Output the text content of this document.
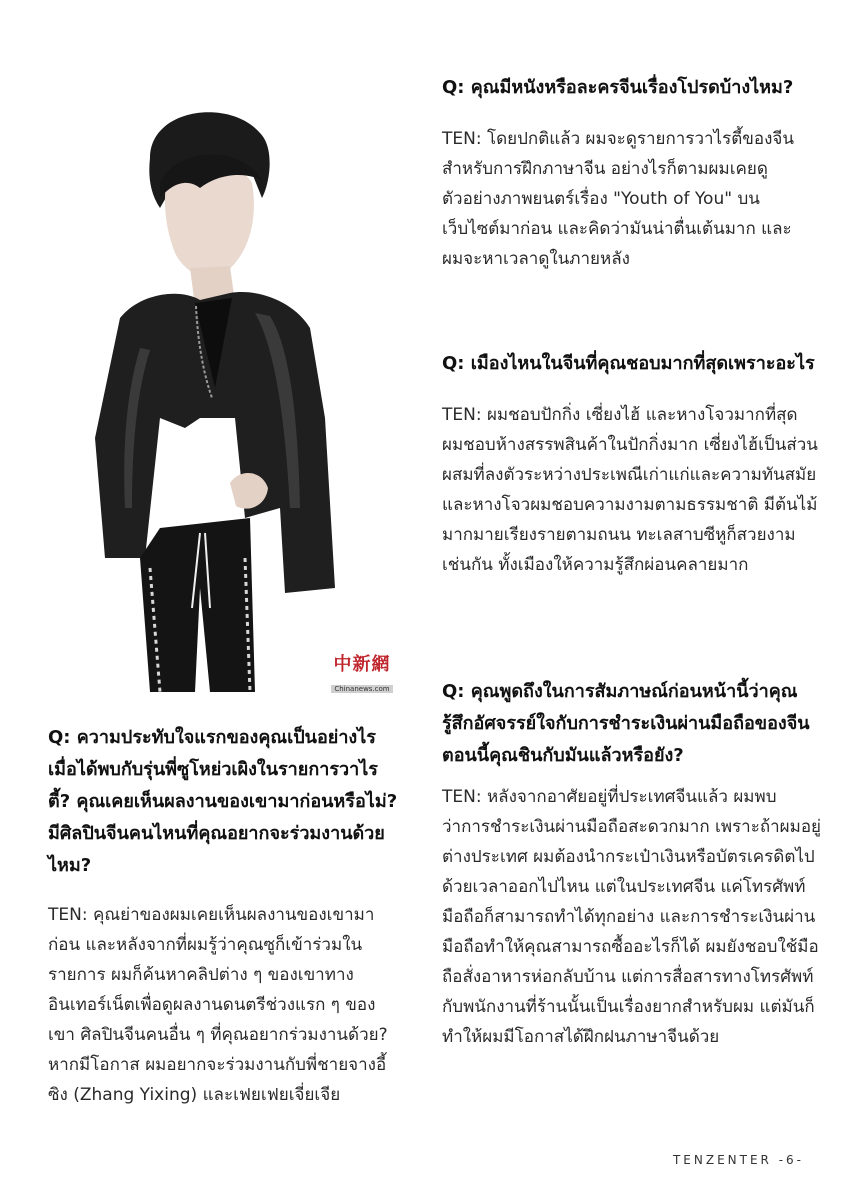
中新網
Chinanews.com

Q: คุณมีหนังหรือละครจีนเรื่องโปรดบ้างไหม?

TEN: โดยปกติแล้ว ผมจะดูรายการวาไรตี้ของจีนสำหรับการฝึกภาษาจีน อย่างไรก็ตามผมเคยดูตัวอย่างภาพยนตร์เรื่อง "Youth of You" บนเว็บไซต์มาก่อน และคิดว่ามันน่าตื่นเต้นมาก และผมจะหาเวลาดูในภายหลัง

Q: เมืองไหนในจีนที่คุณชอบมากที่สุดเพราะอะไร

TEN: ผมชอบปักกิ่ง เซี่ยงไฮ้ และหางโจวมากที่สุด ผมชอบห้างสรรพสินค้าในปักกิ่งมาก เซี่ยงไฮ้เป็นส่วนผสมที่ลงตัวระหว่างประเพณีเก่าแก่และความทันสมัย และหางโจวผมชอบความงามตามธรรมชาติ มีต้นไม้มากมายเรียงรายตามถนน ทะเลสาบซีหูก็สวยงามเช่นกัน ทั้งเมืองให้ความรู้สึกผ่อนคลายมาก

Q: คุณพูดถึงในการสัมภาษณ์ก่อนหน้านี้ว่าคุณรู้สึกอัศจรรย์ใจกับการชำระเงินผ่านมือถือของจีน ตอนนี้คุณชินกับมันแล้วหรือยัง?

TEN: หลังจากอาศัยอยู่ที่ประเทศจีนแล้ว ผมพบว่าการชำระเงินผ่านมือถือสะดวกมาก เพราะถ้าผมอยู่ต่างประเทศ ผมต้องนำกระเป๋าเงินหรือบัตรเครดิตไปด้วยเวลาออกไปไหน แต่ในประเทศจีน แค่โทรศัพท์มือถือก็สามารถทำได้ทุกอย่าง และการชำระเงินผ่านมือถือทำให้คุณสามารถซื้ออะไรก็ได้ ผมยังชอบใช้มือถือสั่งอาหารห่อกลับบ้าน แต่การสื่อสารทางโทรศัพท์กับพนักงานที่ร้านนั้นเป็นเรื่องยากสำหรับผม แต่มันก็ทำให้ผมมีโอกาสได้ฝึกฝนภาษาจีนด้วย

Q: ความประทับใจแรกของคุณเป็นอย่างไรเมื่อได้พบกับรุ่นพี่ซูโหย่วเผิงในรายการวาไรตี้? คุณเคยเห็นผลงานของเขามาก่อนหรือไม่? มีศิลปินจีนคนไหนที่คุณอยากจะร่วมงานด้วยไหม?

TEN: คุณย่าของผมเคยเห็นผลงานของเขามาก่อน และหลังจากที่ผมรู้ว่าคุณซูก็เข้าร่วมในรายการ ผมก็ค้นหาคลิปต่าง ๆ ของเขาทางอินเทอร์เน็ตเพื่อดูผลงานดนตรีช่วงแรก ๆ ของเขา ศิลปินจีนคนอื่น ๆ ที่คุณอยากร่วมงานด้วย? หากมีโอกาส ผมอยากจะร่วมงานกับพี่ชายจางอี้ซิง (Zhang Yixing) และเฟยเฟยเจี่ยเจีย

TENZENTER -6-
